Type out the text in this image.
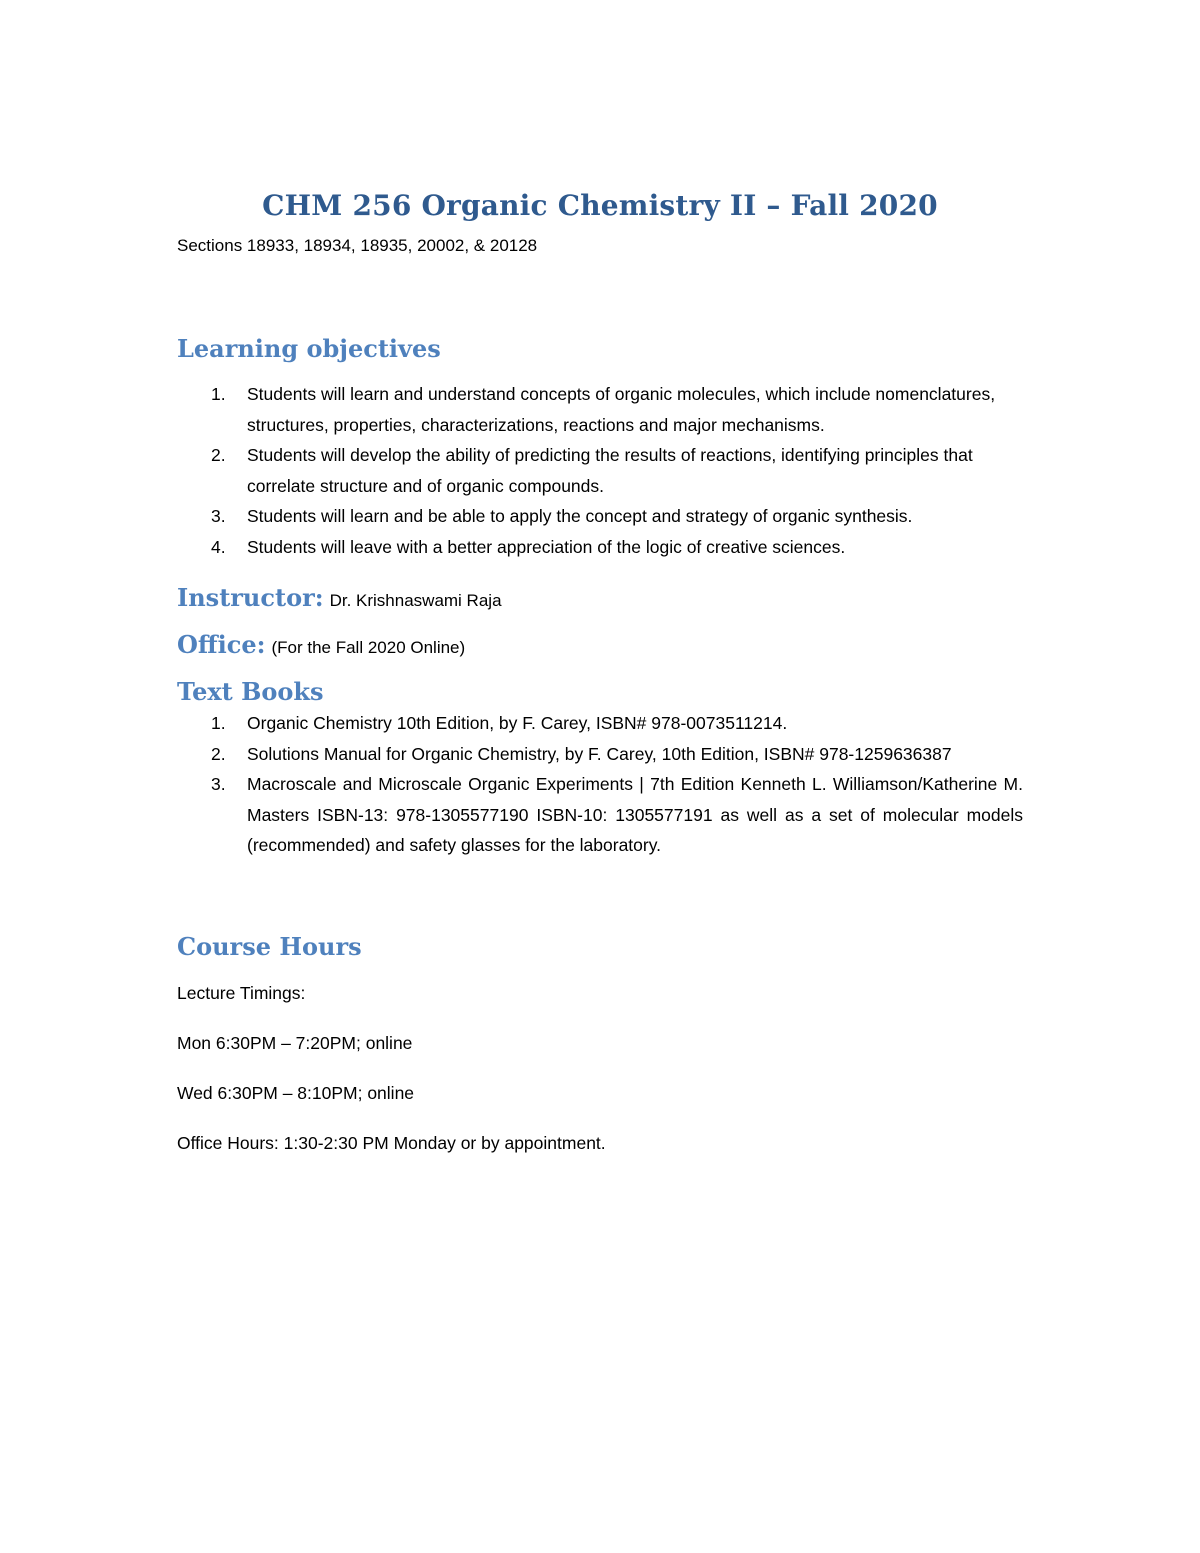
CHM 256 Organic Chemistry II – Fall 2020

Sections 18933, 18934, 18935, 20002, & 20128

Learning objectives
1.	Students will learn and understand concepts of organic molecules, which include nomenclatures, structures, properties, characterizations, reactions and major mechanisms.
2.	Students will develop the ability of predicting the results of reactions, identifying principles that correlate structure and of organic compounds.
3.	Students will learn and be able to apply the concept and strategy of organic synthesis.
4.	Students will leave with a better appreciation of the logic of creative sciences.
Instructor: Dr. Krishnaswami Raja
Office: (For the Fall 2020 Online)
Text Books
1.	Organic Chemistry 10th Edition, by F. Carey, ISBN# 978-0073511214.
2.	Solutions Manual for Organic Chemistry, by F. Carey, 10th Edition, ISBN# 978-1259636387
3.	Macroscale and Microscale Organic Experiments | 7th Edition Kenneth L. Williamson/Katherine M. Masters ISBN-13: 978-1305577190 ISBN-10: 1305577191 as well as a set of molecular models (recommended) and safety glasses for the laboratory.
Course Hours

Lecture Timings:

Mon 6:30PM – 7:20PM; online

Wed 6:30PM – 8:10PM; online

Office Hours: 1:30-2:30 PM Monday or by appointment.
